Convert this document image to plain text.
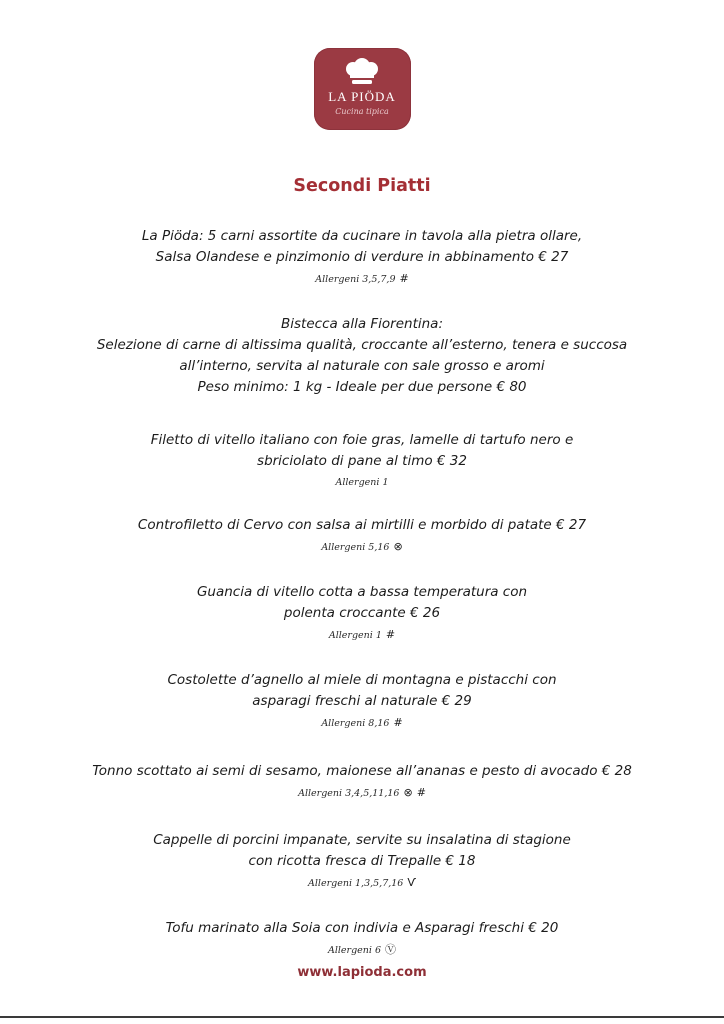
LA PIÖDA
Cucina tipica
Secondi Piatti
La Piöda: 5 carni assortite da cucinare in tavola alla pietra ollare,
Salsa Olandese e pinzimonio di verdure in abbinamento € 27
Allergeni 3,5,7,9 #
Bistecca alla Fiorentina:
Selezione di carne di altissima qualità, croccante all’esterno, tenera e succosa
all’interno, servita al naturale con sale grosso e aromi
Peso minimo: 1 kg - Ideale per due persone € 80
Filetto di vitello italiano con foie gras, lamelle di tartufo nero e
sbriciolato di pane al timo € 32
Allergeni 1
Controfiletto di Cervo con salsa ai mirtilli e morbido di patate € 27
Allergeni 5,16 ⊗
Guancia di vitello cotta a bassa temperatura con
polenta croccante € 26
Allergeni 1 #
Costolette d’agnello al miele di montagna e pistacchi con
asparagi freschi al naturale € 29
Allergeni 8,16 #
Tonno scottato ai semi di sesamo, maionese all’ananas e pesto di avocado € 28
Allergeni 3,4,5,11,16 ⊗ #
Cappelle di porcini impanate, servite su insalatina di stagione
con ricotta fresca di Trepalle € 18
Allergeni 1,3,5,7,16 Ѵ
Tofu marinato alla Soia con indivia e Asparagi freschi € 20
Allergeni 6 Ⓥ
www.lapioda.com
